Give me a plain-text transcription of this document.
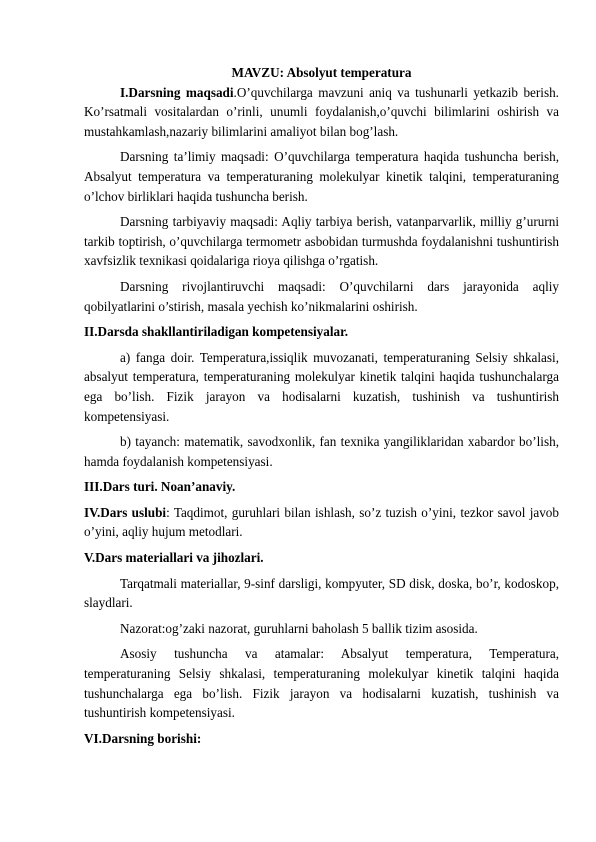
MAVZU: Absolyut temperatura

I.Darsning maqsadi.O’quvchilarga mavzuni aniq va tushunarli yetkazib berish. Ko’rsatmali vositalardan o’rinli, unumli foydalanish,o’quvchi bilimlarini oshirish va mustahkamlash,nazariy bilimlarini amaliyot bilan bog’lash.

Darsning ta’limiy maqsadi: O’quvchilarga temperatura haqida tushuncha berish, Absalyut temperatura va temperaturaning molekulyar kinetik talqini, temperaturaning o’lchov birliklari haqida tushuncha berish.

Darsning tarbiyaviy maqsadi: Aqliy tarbiya berish, vatanparvarlik, milliy g’ururni tarkib toptirish, o’quvchilarga termometr asbobidan turmushda foydalanishni tushuntirish xavfsizlik texnikasi qoidalariga rioya qilishga o’rgatish.

Darsning rivojlantiruvchi maqsadi: O’quvchilarni dars jarayonida aqliy qobilyatlarini o’stirish, masala yechish ko’nikmalarini oshirish.

II.Darsda shakllantiriladigan kompetensiyalar.

a) fanga doir. Temperatura,issiqlik muvozanati, temperaturaning Selsiy shkalasi, absalyut temperatura, temperaturaning molekulyar kinetik talqini haqida tushunchalarga ega bo’lish. Fizik jarayon va hodisalarni kuzatish, tushinish va tushuntirish kompetensiyasi.

b) tayanch: matematik, savodxonlik, fan texnika yangiliklaridan xabardor bo’lish, hamda foydalanish kompetensiyasi.

III.Dars turi. Noan’anaviy.

IV.Dars uslubi: Taqdimot, guruhlari bilan ishlash, so’z tuzish o’yini, tezkor savol javob o’yini, aqliy hujum metodlari.

V.Dars materiallari va jihozlari.

Tarqatmali materiallar, 9-sinf darsligi, kompyuter, SD disk, doska, bo’r, kodoskop, slaydlari.

Nazorat:og’zaki nazorat, guruhlarni baholash 5 ballik tizim asosida.

Asosiy tushuncha va atamalar: Absalyut temperatura, Temperatura, temperaturaning Selsiy shkalasi, temperaturaning molekulyar kinetik talqini haqida tushunchalarga ega bo’lish. Fizik jarayon va hodisalarni kuzatish, tushinish va tushuntirish kompetensiyasi.

VI.Darsning borishi:
